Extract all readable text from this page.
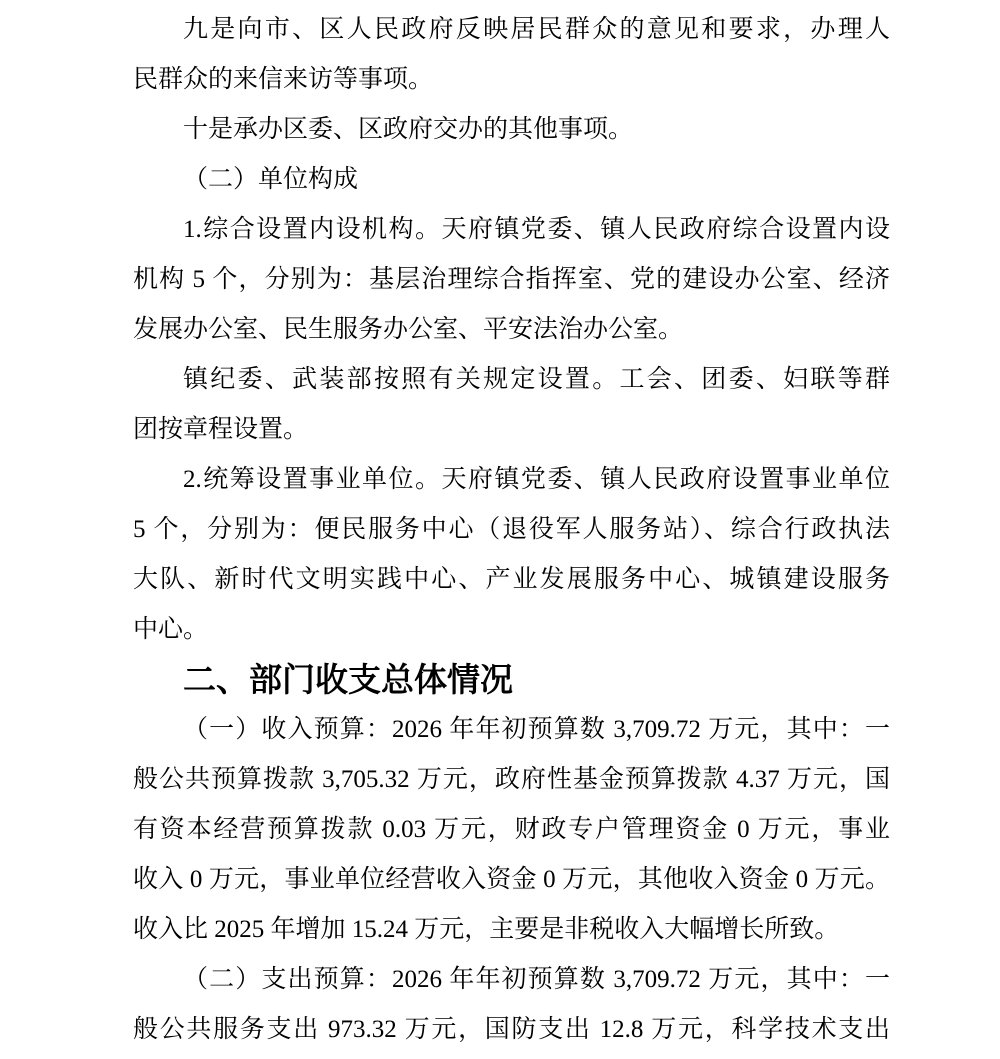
九是向市、区人民政府反映居民群众的意见和要求，办理人
民群众的来信来访等事项。
十是承办区委、区政府交办的其他事项。
（二）单位构成
1.综合设置内设机构。天府镇党委、镇人民政府综合设置内设
机构 5 个，分别为：基层治理综合指挥室、党的建设办公室、经济
发展办公室、民生服务办公室、平安法治办公室。
镇纪委、武装部按照有关规定设置。工会、团委、妇联等群
团按章程设置。
2.统筹设置事业单位。天府镇党委、镇人民政府设置事业单位
5 个，分别为：便民服务中心（退役军人服务站）、综合行政执法
大队、新时代文明实践中心、产业发展服务中心、城镇建设服务
中心。
二、部门收支总体情况
（一）收入预算：2026 年年初预算数 3,709.72 万元，其中：一
般公共预算拨款 3,705.32 万元，政府性基金预算拨款 4.37 万元，国
有资本经营预算拨款 0.03 万元，财政专户管理资金 0 万元，事业
收入 0 万元，事业单位经营收入资金 0 万元，其他收入资金 0 万元。
收入比 2025 年增加 15.24 万元，主要是非税收入大幅增长所致。
（二）支出预算：2026 年年初预算数 3,709.72 万元，其中：一
般公共服务支出 973.32 万元，国防支出 12.8 万元，科学技术支出
